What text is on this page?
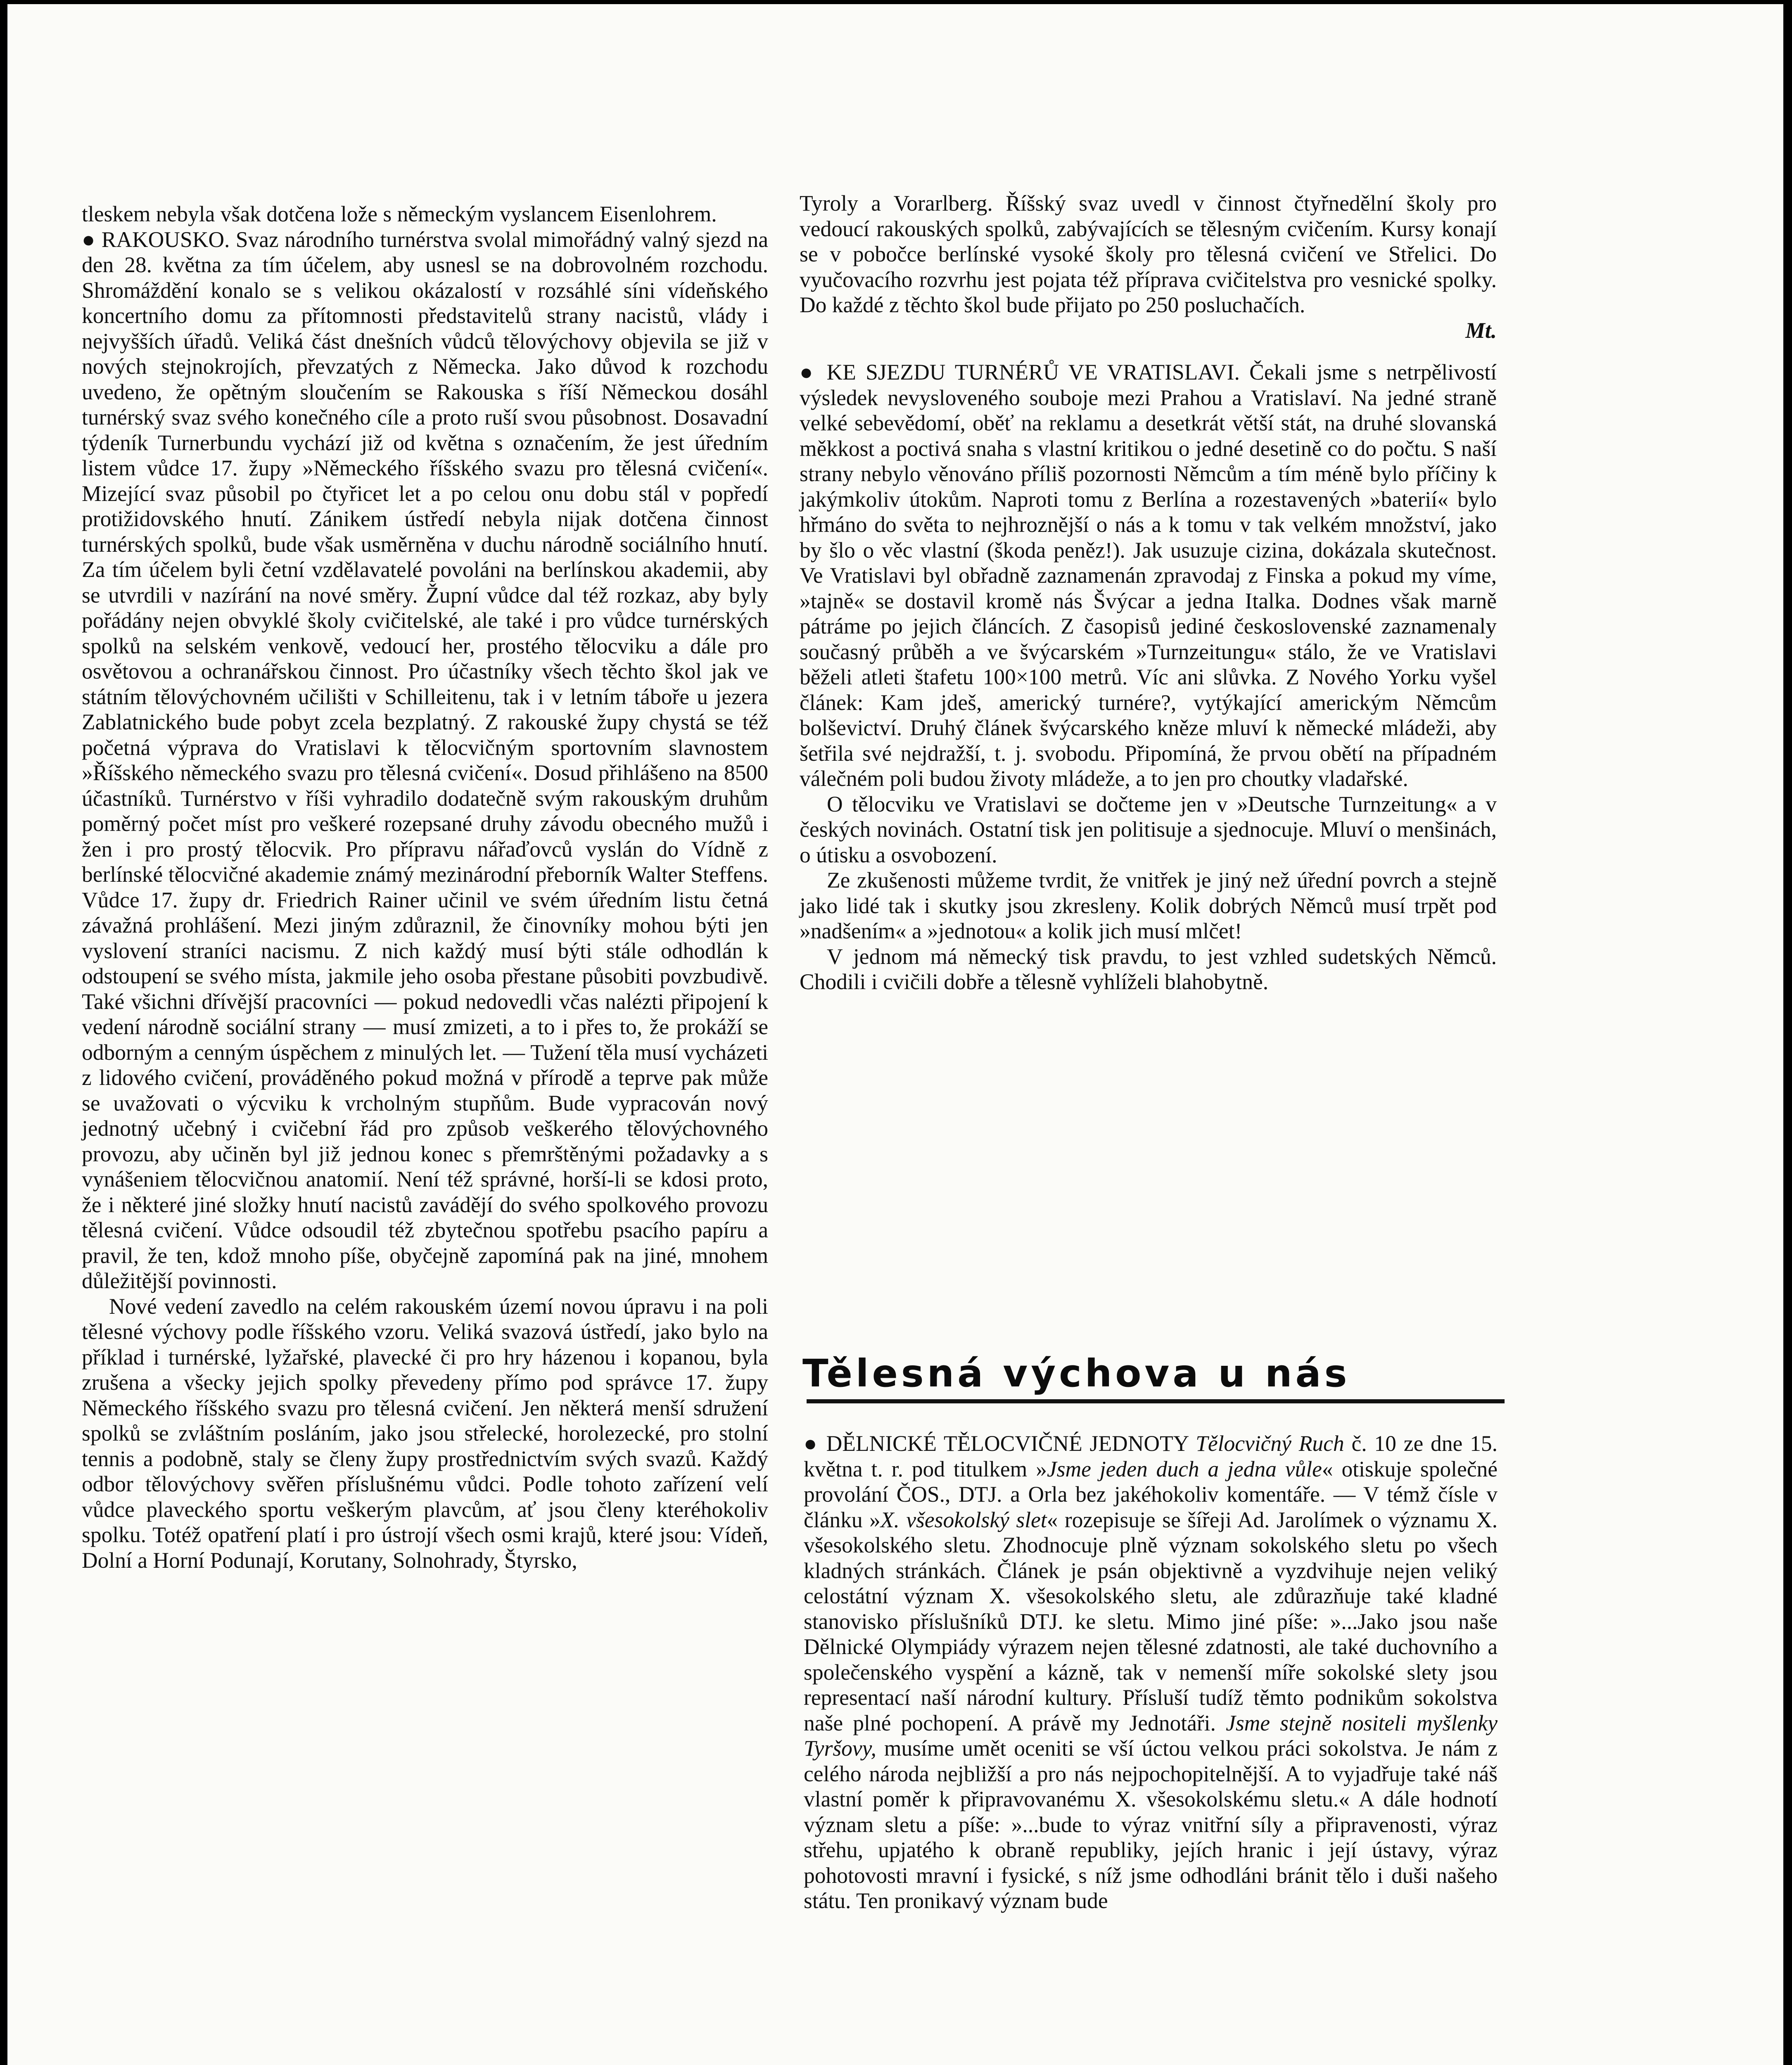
tleskem nebyla však dotčena lože s německým vyslancem Eisenlohrem.

● RAKOUSKO. Svaz národního turnérstva svolal mimořádný valný sjezd na den 28. května za tím účelem, aby usnesl se na dobrovolném rozchodu. Shromáždění konalo se s velikou okázalostí v rozsáhlé síni vídeňského koncertního domu za přítomnosti představitelů strany nacistů, vlády i nejvyšších úřadů. Veliká část dnešních vůdců tělovýchovy objevila se již v nových stejnokrojích, převzatých z Německa. Jako důvod k rozchodu uvedeno, že opětným sloučením se Rakouska s říší Německou dosáhl turnérský svaz svého konečného cíle a proto ruší svou působnost. Dosavadní týdeník Turnerbundu vychází již od května s označením, že jest úředním listem vůdce 17. župy »Německého říšského svazu pro tělesná cvičení«. Mizející svaz působil po čtyřicet let a po celou onu dobu stál v popředí protižidovského hnutí. Zánikem ústředí nebyla nijak dotčena činnost turnérských spolků, bude však usměrněna v duchu národně sociálního hnutí. Za tím účelem byli četní vzdělavatelé povoláni na berlínskou akademii, aby se utvrdili v nazírání na nové směry. Župní vůdce dal též rozkaz, aby byly pořádány nejen obvyklé školy cvičitelské, ale také i pro vůdce turnérských spolků na selském venkově, vedoucí her, prostého tělocviku a dále pro osvětovou a ochranářskou činnost. Pro účastníky všech těchto škol jak ve státním tělovýchovném učilišti v Schilleitenu, tak i v letním táboře u jezera Zablatnického bude pobyt zcela bezplatný. Z rakouské župy chystá se též početná výprava do Vratislavi k tělocvičným sportovním slavnostem »Říšského německého svazu pro tělesná cvičení«. Dosud přihlášeno na 8500 účastníků. Turnérstvo v říši vyhradilo dodatečně svým rakouským druhům poměrný počet míst pro veškeré rozepsané druhy závodu obecného mužů i žen i pro prostý tělocvik. Pro přípravu nářaďovců vyslán do Vídně z berlínské tělocvičné akademie známý mezinárodní přeborník Walter Steffens. Vůdce 17. župy dr. Friedrich Rainer učinil ve svém úředním listu četná závažná prohlášení. Mezi jiným zdůraznil, že činovníky mohou býti jen vyslovení straníci nacismu. Z nich každý musí býti stále odhodlán k odstoupení se svého místa, jakmile jeho osoba přestane působiti povzbudivě. Také všichni dřívější pracovníci — pokud nedovedli včas nalézti připojení k vedení národně sociální strany — musí zmizeti, a to i přes to, že prokáží se odborným a cenným úspěchem z minulých let. — Tužení těla musí vycházeti z lidového cvičení, prováděného pokud možná v přírodě a teprve pak může se uvažovati o výcviku k vrcholným stupňům. Bude vypracován nový jednotný učebný i cvičební řád pro způsob veškerého tělovýchovného provozu, aby učiněn byl již jednou konec s přemrštěnými požadavky a s vynášeniem tělocvičnou anatomií. Není též správné, horší-li se kdosi proto, že i některé jiné složky hnutí nacistů zavádějí do svého spolkového provozu tělesná cvičení. Vůdce odsoudil též zbytečnou spotřebu psacího papíru a pravil, že ten, kdož mnoho píše, obyčejně zapomíná pak na jiné, mnohem důležitější povinnosti.

Nové vedení zavedlo na celém rakouském území novou úpravu i na poli tělesné výchovy podle říšského vzoru. Veliká svazová ústředí, jako bylo na příklad i turnérské, lyžařské, plavecké či pro hry házenou i kopanou, byla zrušena a všecky jejich spolky převedeny přímo pod správce 17. župy Německého říšského svazu pro tělesná cvičení. Jen některá menší sdružení spolků se zvláštním posláním, jako jsou střelecké, horolezecké, pro stolní tennis a podobně, staly se členy župy prostřednictvím svých svazů. Každý odbor tělovýchovy svěřen příslušnému vůdci. Podle tohoto zařízení velí vůdce plaveckého sportu veškerým plavcům, ať jsou členy kteréhokoliv spolku. Totéž opatření platí i pro ústrojí všech osmi krajů, které jsou: Vídeň, Dolní a Horní Podunají, Korutany, Solnohrady, Štyrsko,

Tyroly a Vorarlberg. Říšský svaz uvedl v činnost čtyřnedělní školy pro vedoucí rakouských spolků, zabývajících se tělesným cvičením. Kursy konají se v pobočce berlínské vysoké školy pro tělesná cvičení ve Střelici. Do vyučovacího rozvrhu jest pojata též příprava cvičitelstva pro vesnické spolky. Do každé z těchto škol bude přijato po 250 posluchačích.

Mt.

● KE SJEZDU TURNÉRŮ VE VRATISLAVI. Čekali jsme s netrpělivostí výsledek nevysloveného souboje mezi Prahou a Vratislaví. Na jedné straně velké sebevědomí, oběť na reklamu a desetkrát větší stát, na druhé slovanská měkkost a poctivá snaha s vlastní kritikou o jedné desetině co do počtu. S naší strany nebylo věnováno příliš pozornosti Němcům a tím méně bylo příčiny k jakýmkoliv útokům. Naproti tomu z Berlína a rozestavených »baterií« bylo hřmáno do světa to nejhroznější o nás a k tomu v tak velkém množství, jako by šlo o věc vlastní (škoda peněz!). Jak usuzuje cizina, dokázala skutečnost. Ve Vratislavi byl obřadně zaznamenán zpravodaj z Finska a pokud my víme, »tajně« se dostavil kromě nás Švýcar a jedna Italka. Dodnes však marně pátráme po jejich článcích. Z časopisů jediné československé zaznamenaly současný průběh a ve švýcarském »Turnzeitungu« stálo, že ve Vratislavi běželi atleti štafetu 100×100 metrů. Víc ani slůvka. Z Nového Yorku vyšel článek: Kam jdeš, americký turnére?, vytýkající americkým Němcům bolševictví. Druhý článek švýcarského kněze mluví k německé mládeži, aby šetřila své nejdražší, t. j. svobodu. Připomíná, že prvou obětí na případném válečném poli budou životy mládeže, a to jen pro choutky vladařské.

O tělocviku ve Vratislavi se dočteme jen v »Deutsche Turnzeitung« a v českých novinách. Ostatní tisk jen politisuje a sjednocuje. Mluví o menšinách, o útisku a osvobození.

Ze zkušenosti můžeme tvrdit, že vnitřek je jiný než úřední povrch a stejně jako lidé tak i skutky jsou zkresleny. Kolik dobrých Němců musí trpět pod »nadšením« a »jednotou« a kolik jich musí mlčet!

V jednom má německý tisk pravdu, to jest vzhled sudetských Němců. Chodili i cvičili dobře a tělesně vyhlíželi blahobytně.

Tělesná výchova u nás

● DĚLNICKÉ TĚLOCVIČNÉ JEDNOTY Tělocvičný Ruch č. 10 ze dne 15. května t. r. pod titulkem »Jsme jeden duch a jedna vůle« otiskuje společné provolání ČOS., DTJ. a Orla bez jakéhokoliv komentáře. — V témž čísle v článku »X. všesokolský slet« rozepisuje se šířeji Ad. Jarolímek o významu X. všesokolského sletu. Zhodnocuje plně význam sokolského sletu po všech kladných stránkách. Článek je psán objektivně a vyzdvihuje nejen veliký celostátní význam X. všesokolského sletu, ale zdůrazňuje také kladné stanovisko příslušníků DTJ. ke sletu. Mimo jiné píše: »...Jako jsou naše Dělnické Olympiády výrazem nejen tělesné zdatnosti, ale také duchovního a společenského vyspění a kázně, tak v nemenší míře sokolské slety jsou representací naší národní kultury. Přísluší tudíž těmto podnikům sokolstva naše plné pochopení. A právě my Jednotáři. Jsme stejně nositeli myšlenky Tyršovy, musíme umět oceniti se vší úctou velkou práci sokolstva. Je nám z celého národa nejbližší a pro nás nejpochopitelnější. A to vyjadřuje také náš vlastní poměr k připravovanému X. všesokolskému sletu.« A dále hodnotí význam sletu a píše: »...bude to výraz vnitřní síly a připravenosti, výraz střehu, upjatého k obraně republiky, jejích hranic i její ústavy, výraz pohotovosti mravní i fysické, s níž jsme odhodláni bránit tělo i duši našeho státu. Ten pronikavý význam bude
